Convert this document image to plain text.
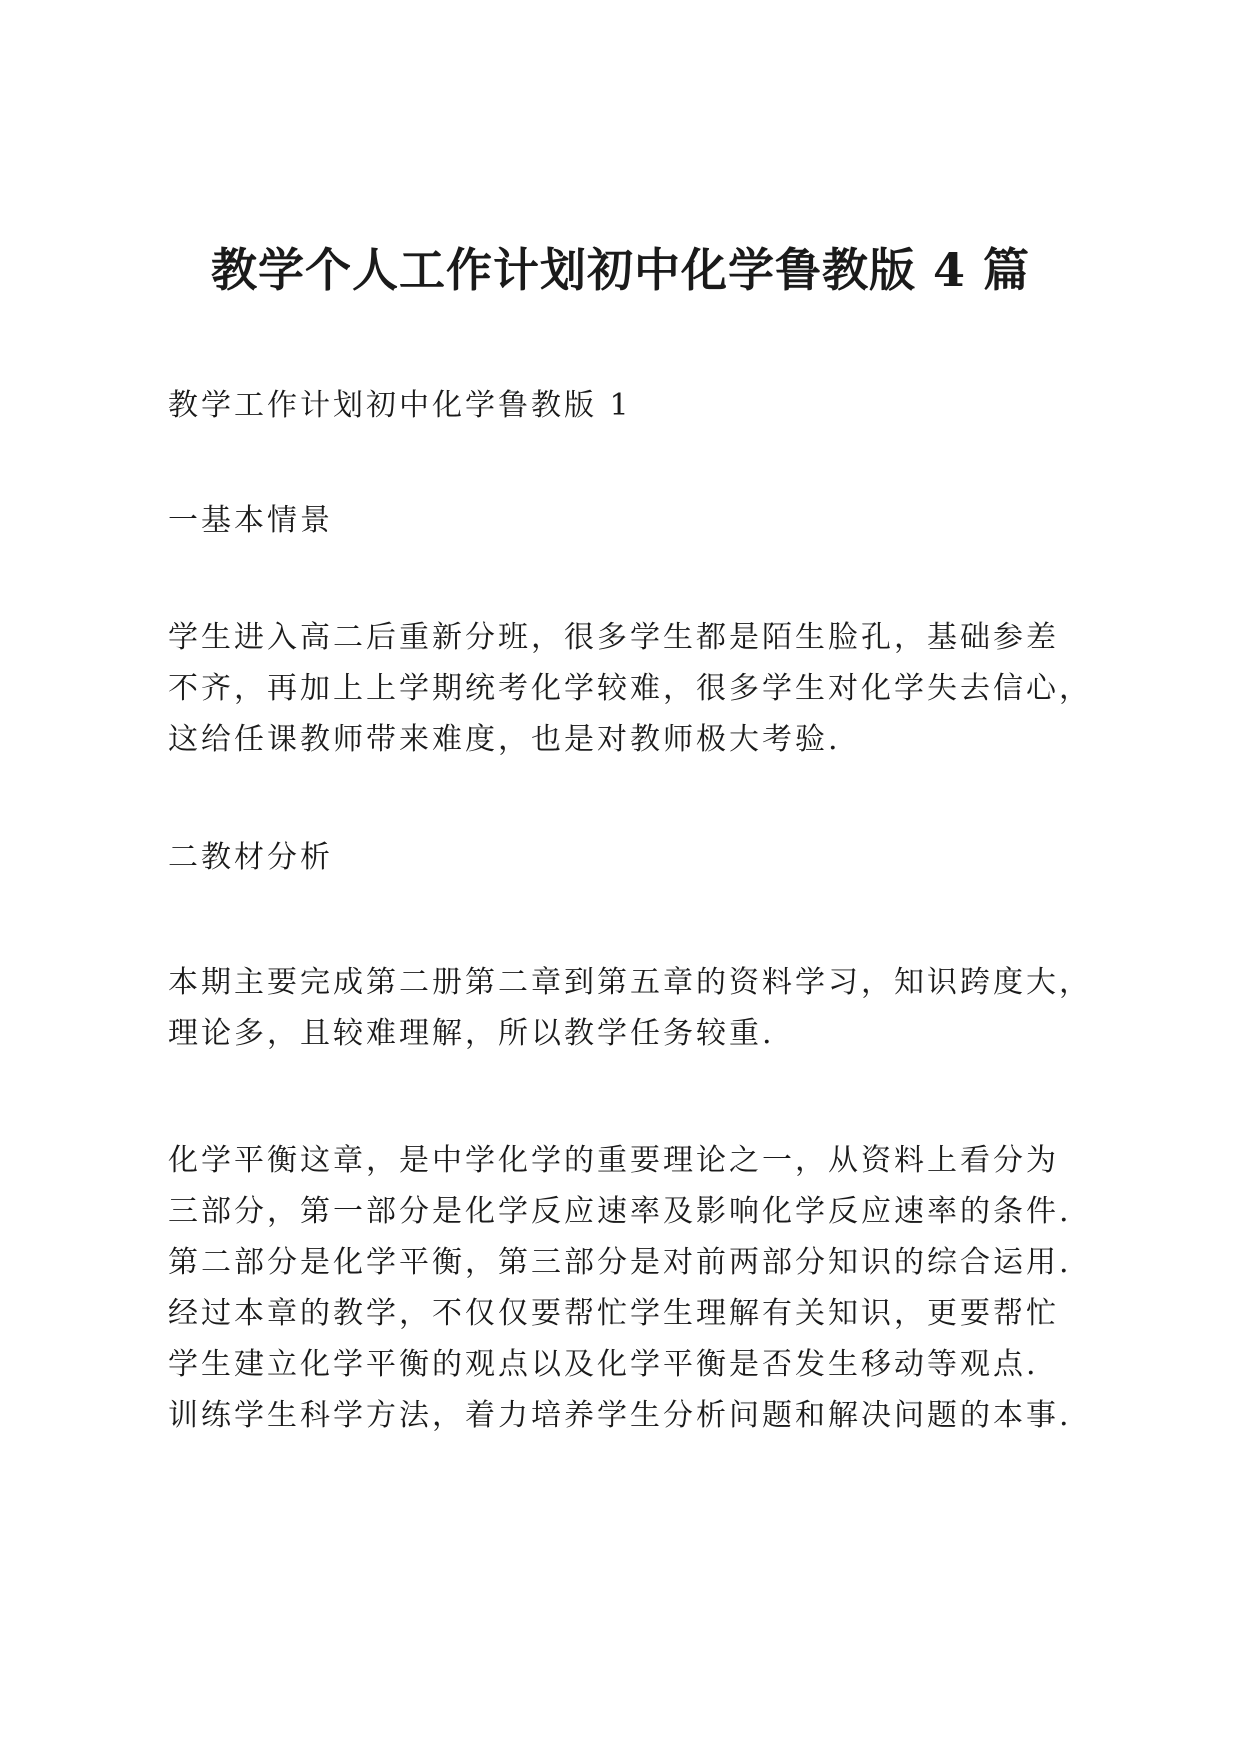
教学个人工作计划初中化学鲁教版 4 篇
教学工作计划初中化学鲁教版 1
一基本情景
学生进入高二后重新分班，很多学生都是陌生脸孔，基础参差
不齐，再加上上学期统考化学较难，很多学生对化学失去信心，
这给任课教师带来难度，也是对教师极大考验.
二教材分析
本期主要完成第二册第二章到第五章的资料学习，知识跨度大，
理论多，且较难理解，所以教学任务较重.
化学平衡这章，是中学化学的重要理论之一，从资料上看分为
三部分，第一部分是化学反应速率及影响化学反应速率的条件.
第二部分是化学平衡，第三部分是对前两部分知识的综合运用.
经过本章的教学，不仅仅要帮忙学生理解有关知识，更要帮忙
学生建立化学平衡的观点以及化学平衡是否发生移动等观点.
训练学生科学方法，着力培养学生分析问题和解决问题的本事.
